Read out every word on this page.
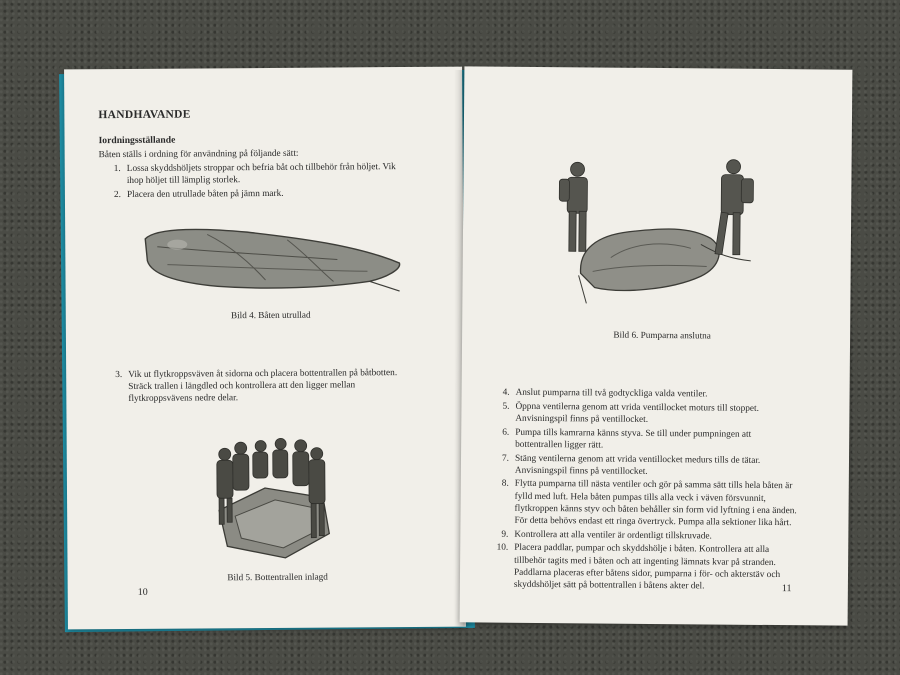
HANDHAVANDE
Iordningsställande
Båten ställs i ordning för användning på följande sätt:
1. Lossa skyddshöljets stroppar och befria båt och tillbehör från höljet. Vik ihop höljet till lämplig storlek.
2. Placera den utrullade båten på jämn mark.
Bild 4. Båten utrullad
3. Vik ut flytkroppsväven åt sidorna och placera bottentrallen på båtbotten. Sträck trallen i längdled och kontrollera att den ligger mellan flytkroppsvävens nedre delar.
Bild 5. Bottentrallen inlagd
10
Bild 6. Pumparna anslutna
4. Anslut pumparna till två godtyckliga valda ventiler.
5. Öppna ventilerna genom att vrida ventillocket moturs till stoppet. Anvisningspil finns på ventillocket.
6. Pumpa tills kamrarna känns styva. Se till under pumpningen att bottentrallen ligger rätt.
7. Stäng ventilerna genom att vrida ventillocket medurs tills de tätar. Anvisningspil finns på ventillocket.
8. Flytta pumparna till nästa ventiler och gör på samma sätt tills hela båten är fylld med luft. Hela båten pumpas tills alla veck i väven försvunnit, flytkroppen känns styv och båten behåller sin form vid lyftning i ena änden. För detta behövs endast ett ringa övertryck. Pumpa alla sektioner lika hårt.
9. Kontrollera att alla ventiler är ordentligt tillskruvade.
10. Placera paddlar, pumpar och skyddshölje i båten. Kontrollera att alla tillbehör tagits med i båten och att ingenting lämnats kvar på stranden. Paddlarna placeras efter båtens sidor, pumparna i för- och akterstäv och skyddshöljet sätt på bottentrallen i båtens akter del.	11
